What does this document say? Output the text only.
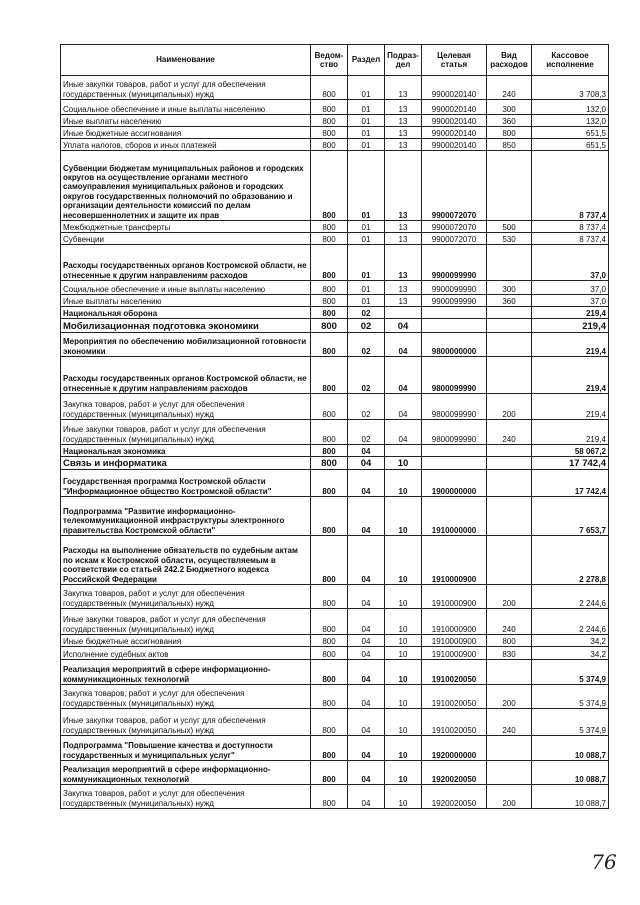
Наименование	Ведом-ство	Раздел	Подраз-дел	Целевая статья	Вид расходов	Кассовое исполнение
Иные закупки товаров, работ и услуг для обеспечения государственных (муниципальных) нужд	800	01	13	9900020140	240	3 708,3
Социальное обеспечение и иные выплаты населению	800	01	13	9900020140	300	132,0
Иные выплаты населению	800	01	13	9900020140	360	132,0
Иные бюджетные ассигнования	800	01	13	9900020140	800	651,5
Уплата налогов, сборов и иных платежей	800	01	13	9900020140	850	651,5
Субвенции бюджетам муниципальных районов и городских округов на осуществление органами местного самоуправления муниципальных районов и городских округов государственных полномочий по образованию и организации деятельности комиссий по делам несовершеннолетних и защите их прав	800	01	13	9900072070		8 737,4
Межбюджетные трансферты	800	01	13	9900072070	500	8 737,4
Субвенции	800	01	13	9900072070	530	8 737,4
Расходы государственных органов Костромской области, не отнесенные к другим направлениям расходов	800	01	13	9900099990		37,0
Социальное обеспечение и иные выплаты населению	800	01	13	9900099990	300	37,0
Иные выплаты населению	800	01	13	9900099990	360	37,0
Национальная оборона	800	02				219,4
Мобилизационная подготовка экономики	800	02	04			219,4
Мероприятия по обеспечению мобилизационной готовности экономики	800	02	04	9800000000		219,4
Расходы государственных органов Костромской области, не отнесенные к другим направлениям расходов	800	02	04	9800099990		219,4
Закупка товаров, работ и услуг для обеспечения государственных (муниципальных) нужд	800	02	04	9800099990	200	219,4
Иные закупки товаров, работ и услуг для обеспечения государственных (муниципальных) нужд	800	02	04	9800099990	240	219,4
Национальная экономика	800	04				58 067,2
Связь и информатика	800	04	10			17 742,4
Государственная программа Костромской области "Информационное общество Костромской области"	800	04	10	1900000000		17 742,4
Подпрограмма "Развитие информационно-телекоммуникационной инфраструктуры электронного правительства Костромской области"	800	04	10	1910000000		7 653,7
Расходы на выполнение обязательств по судебным актам по искам к Костромской области, осуществляемым в соответствии со статьей 242.2 Бюджетного кодекса Российской Федерации	800	04	10	1910000900		2 278,8
Закупка товаров, работ и услуг для обеспечения государственных (муниципальных) нужд	800	04	10	1910000900	200	2 244,6
Иные закупки товаров, работ и услуг для обеспечения государственных (муниципальных) нужд	800	04	10	1910000900	240	2 244,6
Иные бюджетные ассигнования	800	04	10	1910000900	800	34,2
Исполнение судебных актов	800	04	10	1910000900	830	34,2
Реализация мероприятий в сфере информационно-коммуникационных технологий	800	04	10	1910020050		5 374,9
Закупка товаров, работ и услуг для обеспечения государственных (муниципальных) нужд	800	04	10	1910020050	200	5 374,9
Иные закупки товаров, работ и услуг для обеспечения государственных (муниципальных) нужд	800	04	10	1910020050	240	5 374,9
Подпрограмма "Повышение качества и доступности государственных и муниципальных услуг"	800	04	10	1920000000		10 088,7
Реализация мероприятий в сфере информационно-коммуникационных технологий	800	04	10	1920020050		10 088,7
Закупка товаров, работ и услуг для обеспечения государственных (муниципальных) нужд	800	04	10	1920020050	200	10 088,7
76
